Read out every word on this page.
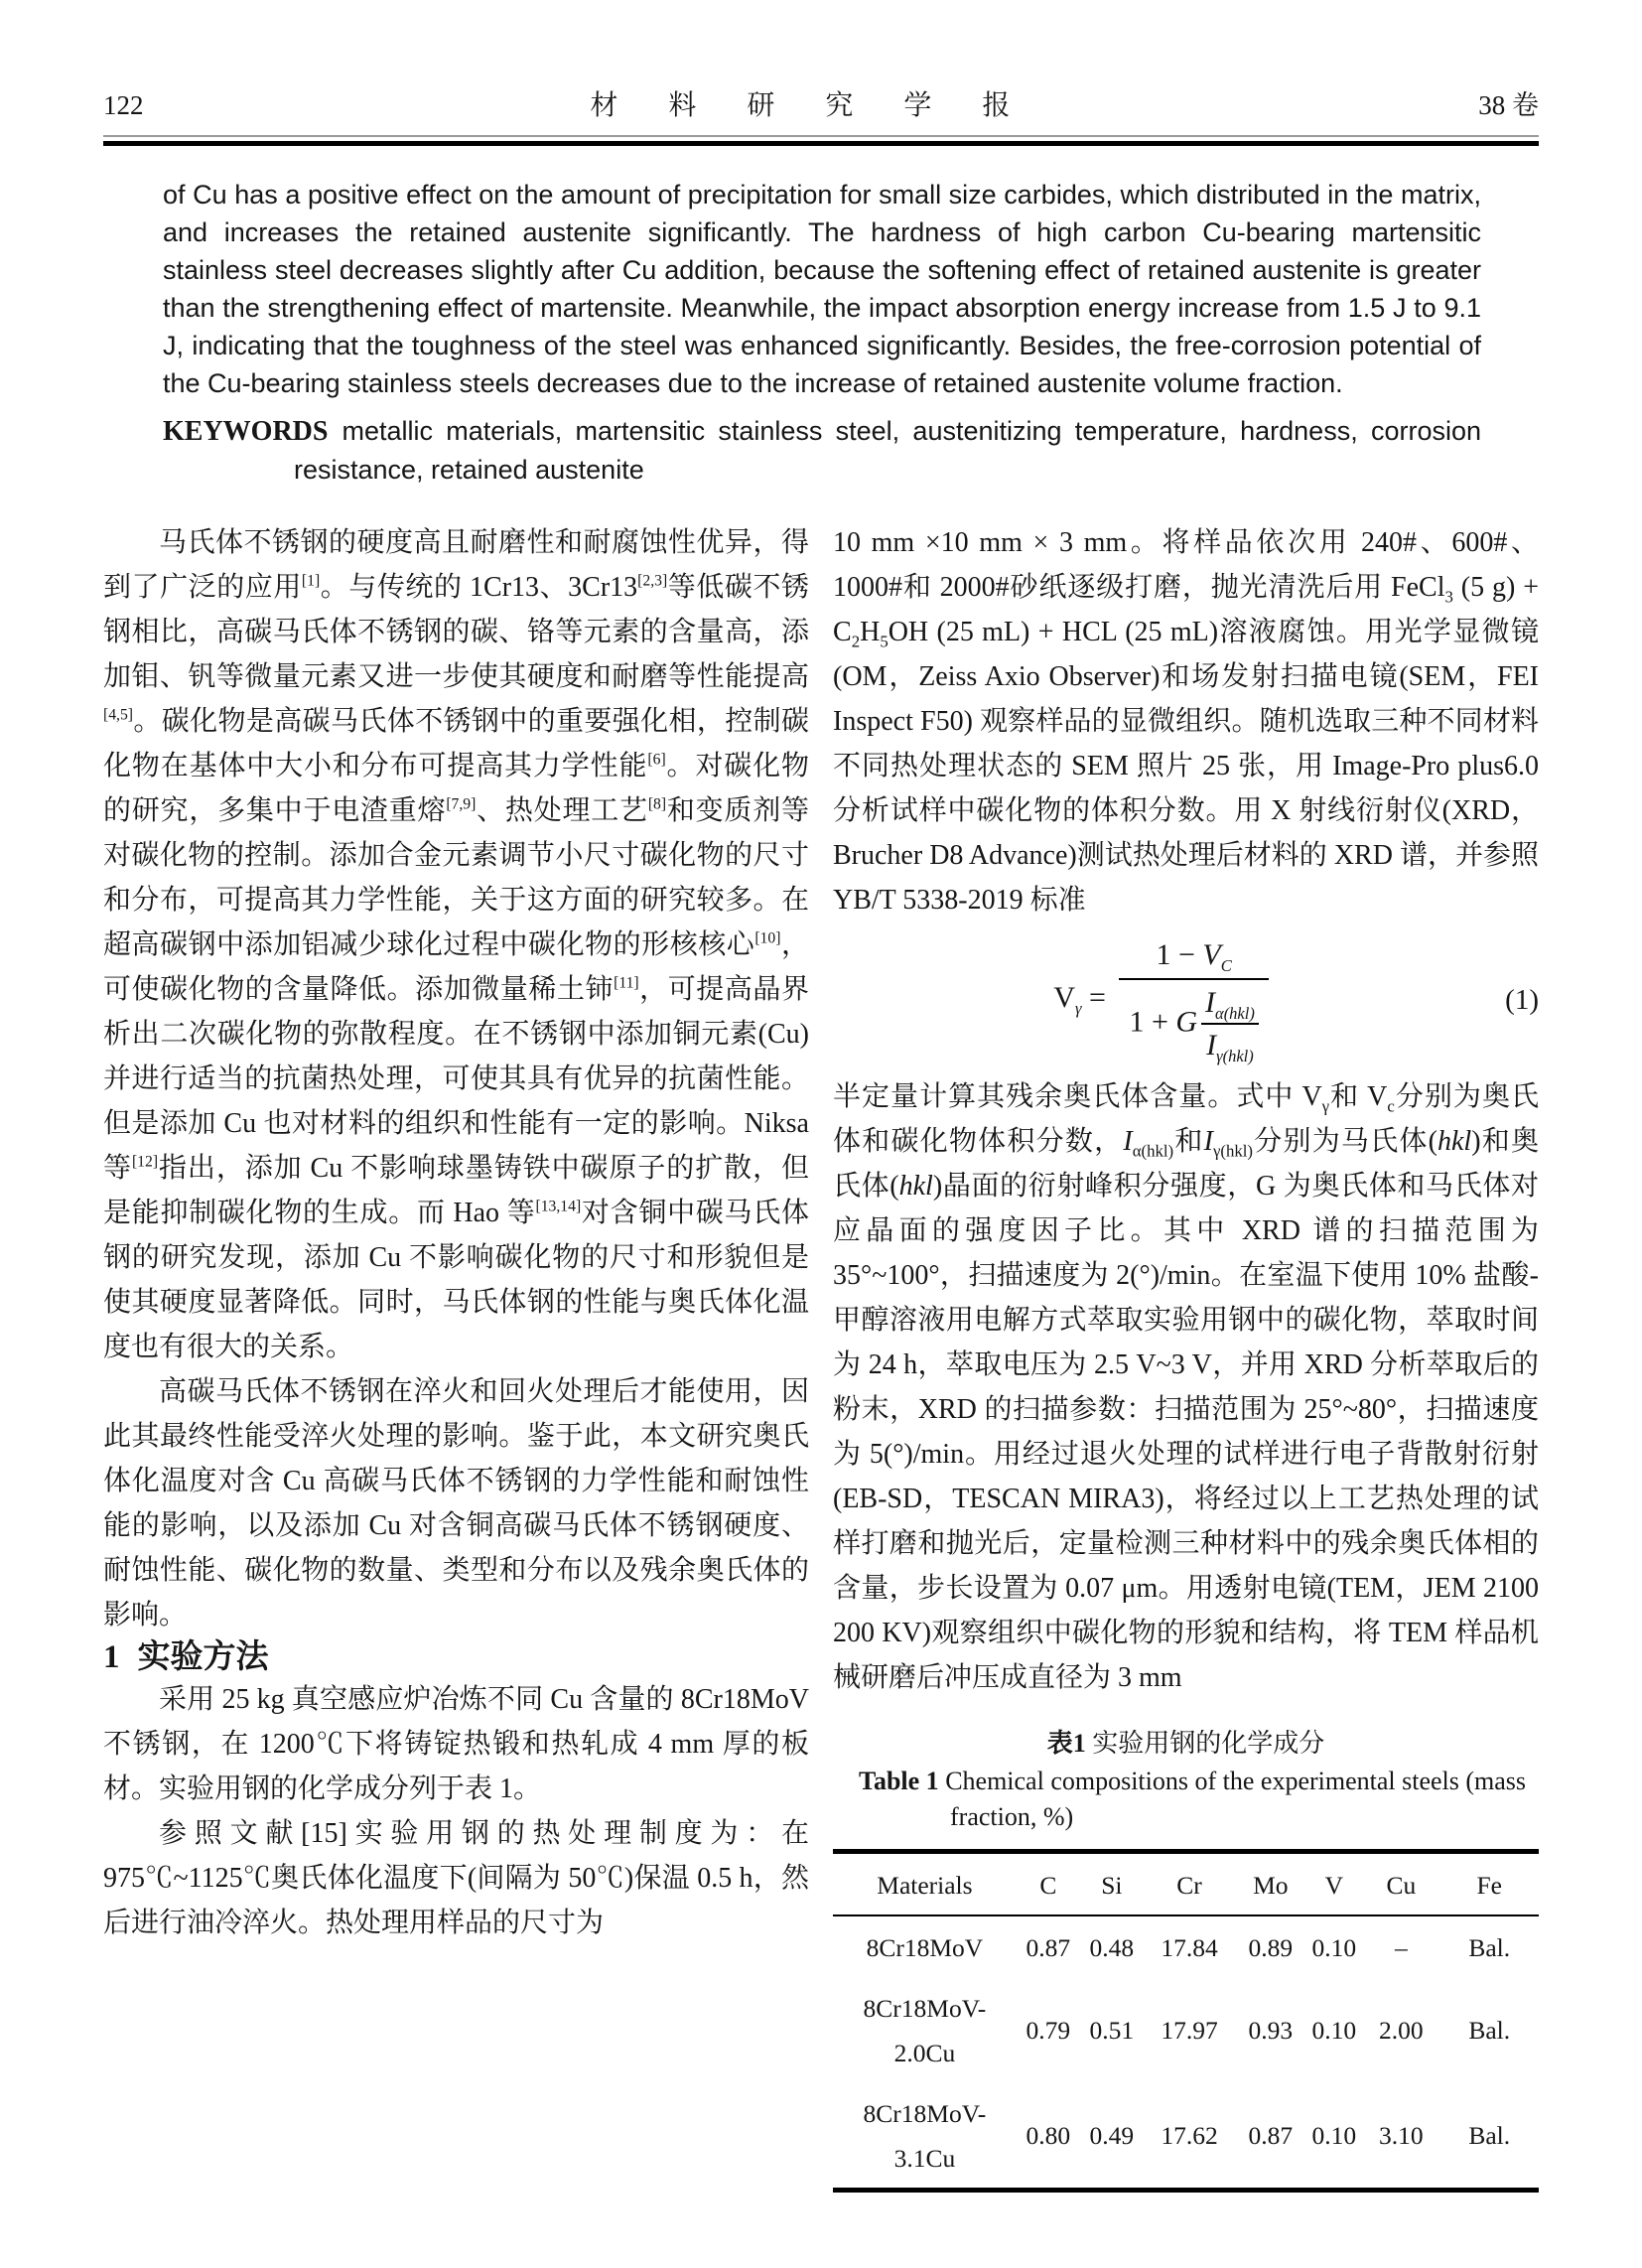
122	材 料 研 究 学 报	38 卷
of Cu has a positive effect on the amount of precipitation for small size carbides, which distributed in the matrix, and increases the retained austenite significantly. The hardness of high carbon Cu-bearing martensitic stainless steel decreases slightly after Cu addition, because the softening effect of retained austenite is greater than the strengthening effect of martensite. Meanwhile, the impact absorption energy increase from 1.5 J to 9.1 J, indicating that the toughness of the steel was enhanced significantly. Besides, the free-corrosion potential of the Cu-bearing stainless steels decreases due to the increase of retained austenite volume fraction.
KEYWORDS metallic materials, martensitic stainless steel, austenitizing temperature, hardness, corrosion resistance, retained austenite

马氏体不锈钢的硬度高且耐磨性和耐腐蚀性优异，得到了广泛的应用[1]。与传统的 1Cr13、3Cr13[2,3]等低碳不锈钢相比，高碳马氏体不锈钢的碳、铬等元素的含量高，添加钼、钒等微量元素又进一步使其硬度和耐磨等性能提高[4,5]。碳化物是高碳马氏体不锈钢中的重要强化相，控制碳化物在基体中大小和分布可提高其力学性能[6]。对碳化物的研究，多集中于电渣重熔[7,9]、热处理工艺[8]和变质剂等对碳化物的控制。添加合金元素调节小尺寸碳化物的尺寸和分布，可提高其力学性能，关于这方面的研究较多。在超高碳钢中添加铝减少球化过程中碳化物的形核核心[10]，可使碳化物的含量降低。添加微量稀土铈[11]，可提高晶界析出二次碳化物的弥散程度。在不锈钢中添加铜元素(Cu)并进行适当的抗菌热处理，可使其具有优异的抗菌性能。但是添加 Cu 也对材料的组织和性能有一定的影响。Niksa 等[12]指出，添加 Cu 不影响球墨铸铁中碳原子的扩散，但是能抑制碳化物的生成。而 Hao 等[13,14]对含铜中碳马氏体钢的研究发现，添加 Cu 不影响碳化物的尺寸和形貌但是使其硬度显著降低。同时，马氏体钢的性能与奥氏体化温度也有很大的关系。

高碳马氏体不锈钢在淬火和回火处理后才能使用，因此其最终性能受淬火处理的影响。鉴于此，本文研究奥氏体化温度对含 Cu 高碳马氏体不锈钢的力学性能和耐蚀性能的影响，以及添加 Cu 对含铜高碳马氏体不锈钢硬度、耐蚀性能、碳化物的数量、类型和分布以及残余奥氏体的影响。

1 实验方法

采用 25 kg 真空感应炉冶炼不同 Cu 含量的 8Cr18MoV 不锈钢，在 1200℃下将铸锭热锻和热轧成 4 mm 厚的板材。实验用钢的化学成分列于表 1。

参照文献[15]实验用钢的热处理制度为：在 975℃~1125℃奥氏体化温度下(间隔为 50℃)保温 0.5 h，然后进行油冷淬火。热处理用样品的尺寸为

10 mm ×10 mm × 3 mm。将样品依次用 240#、600#、1000#和 2000#砂纸逐级打磨，抛光清洗后用 FeCl$_3$ (5 $g) + C_2H_5OH$ (25 mL) + HCL (25 mL)溶液腐蚀。用光学显微镜(OM，Zeiss Axio Observer)和场发射扫描电镜(SEM，FEI Inspect F50) 观察样品的显微组织。随机选取三种不同材料不同热处理状态的 SEM 照片 25 张，用 Image-Pro plus6.0 分析试样中碳化物的体积分数。用 X 射线衍射仪(XRD，Brucher D8 Advance)测试热处理后材料的 XRD 谱，并参照 YB/T 5338-2019 标准

$V_\gamma = \frac{1 - V_C}{1 + G \frac{I_{\alpha(hkl)}}{I_{\gamma(hkl)}}}$	(1)

半定量计算其残余奥氏体含量。式中 $V_\gamma$和 $V_c$分别为奥氏体和碳化物体积分数，$I_{\alpha(hkl)}$和$I_{\gamma(hkl)}$分别为马氏体(hkl)和奥氏体(hkl)晶面的衍射峰积分强度，G 为奥氏体和马氏体对应晶面的强度因子比。其中 XRD 谱的扫描范围为 35°~100°，扫描速度为 2(°)/min。在室温下使用 10% 盐酸-甲醇溶液用电解方式萃取实验用钢中的碳化物，萃取时间为 24 h，萃取电压为 2.5 V~3 V，并用 XRD 分析萃取后的粉末，XRD 的扫描参数：扫描范围为 25°~80°，扫描速度为 5(°)/min。用经过退火处理的试样进行电子背散射衍射(EB-SD，TESCAN MIRA3)，将经过以上工艺热处理的试样打磨和抛光后，定量检测三种材料中的残余奥氏体相的含量，步长设置为 0.07 μm。用透射电镜(TEM，JEM 2100 200 KV)观察组织中碳化物的形貌和结构，将 TEM 样品机械研磨后冲压成直径为 3 mm

表1 实验用钢的化学成分
Table 1 Chemical compositions of the experimental steels (mass fraction, %)
Materials	C	Si	Cr	Mo	V	Cu	Fe
8Cr18MoV	0.87	0.48	17.84	0.89	0.10	–	Bal.
8Cr18MoV-2.0Cu	0.79	0.51	17.97	0.93	0.10	2.00	Bal.
8Cr18MoV-3.1Cu	0.80	0.49	17.62	0.87	0.10	3.10	Bal.
